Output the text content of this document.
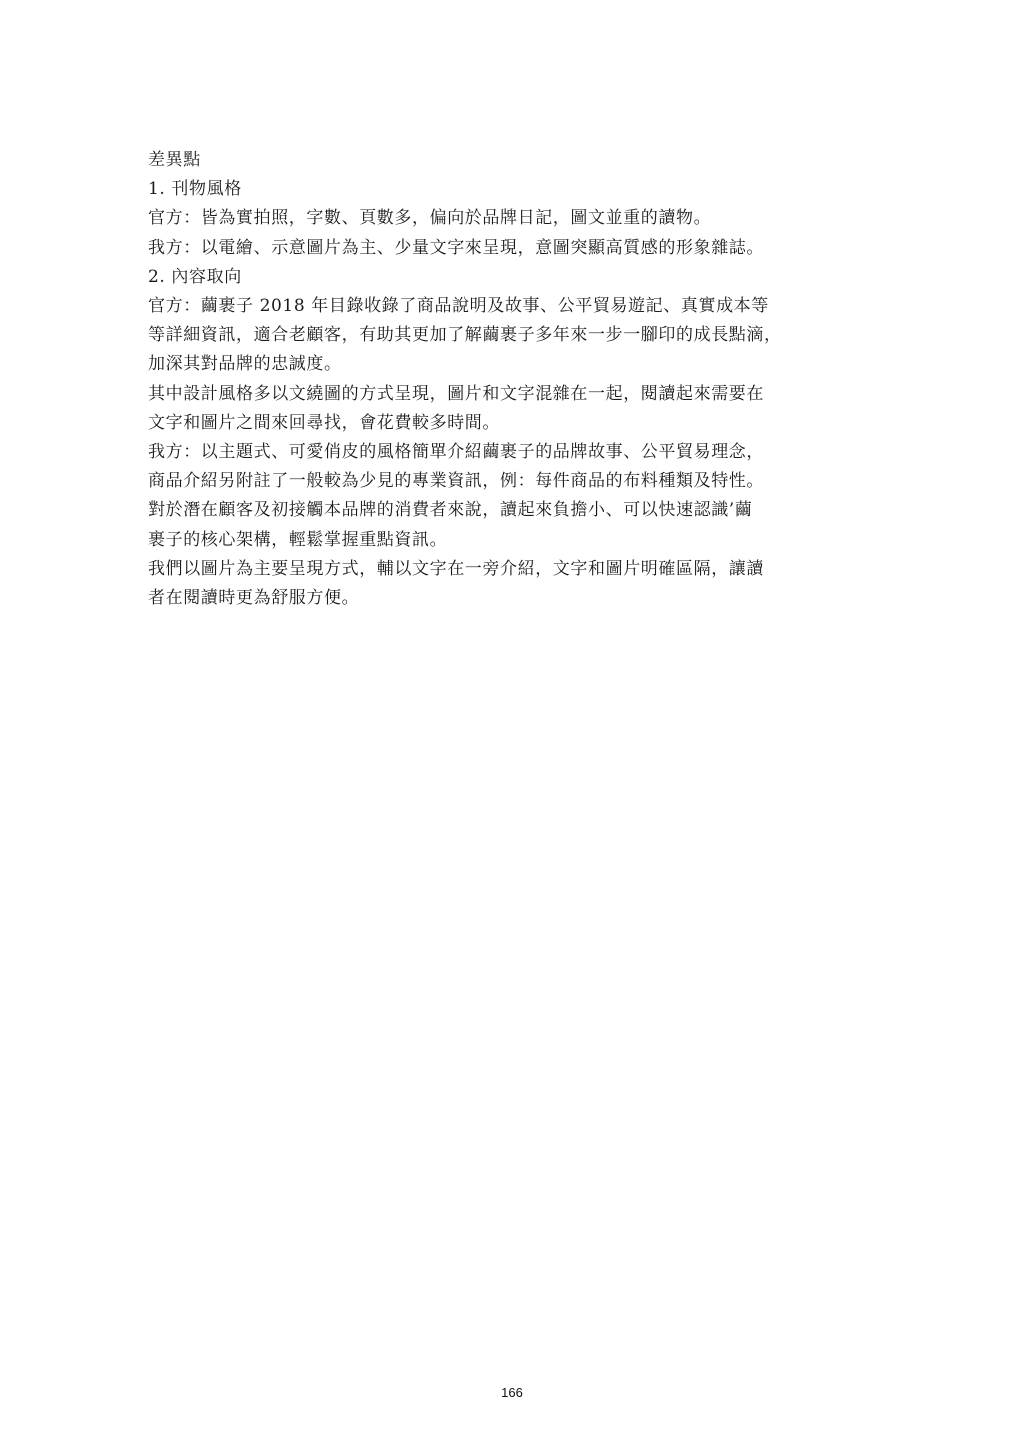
差異點
1. 刊物風格
官方：皆為實拍照，字數、頁數多，偏向於品牌日記，圖文並重的讀物。
我方：以電繪、示意圖片為主、少量文字來呈現，意圖突顯高質感的形象雜誌。
2. 內容取向
官方：繭裹子 2018 年目錄收錄了商品說明及故事、公平貿易遊記、真實成本等
等詳細資訊，適合老顧客，有助其更加了解繭裹子多年來一步一腳印的成長點滴，
加深其對品牌的忠誠度。
其中設計風格多以文繞圖的方式呈現，圖片和文字混雜在一起，閱讀起來需要在
文字和圖片之間來回尋找，會花費較多時間。
我方：以主題式、可愛俏皮的風格簡單介紹繭裹子的品牌故事、公平貿易理念，
商品介紹另附註了一般較為少見的專業資訊，例：每件商品的布料種類及特性。
對於潛在顧客及初接觸本品牌的消費者來說，讀起來負擔小、可以快速認識’繭
裹子的核心架構，輕鬆掌握重點資訊。
我們以圖片為主要呈現方式，輔以文字在一旁介紹，文字和圖片明確區隔，讓讀
者在閱讀時更為舒服方便。
166
